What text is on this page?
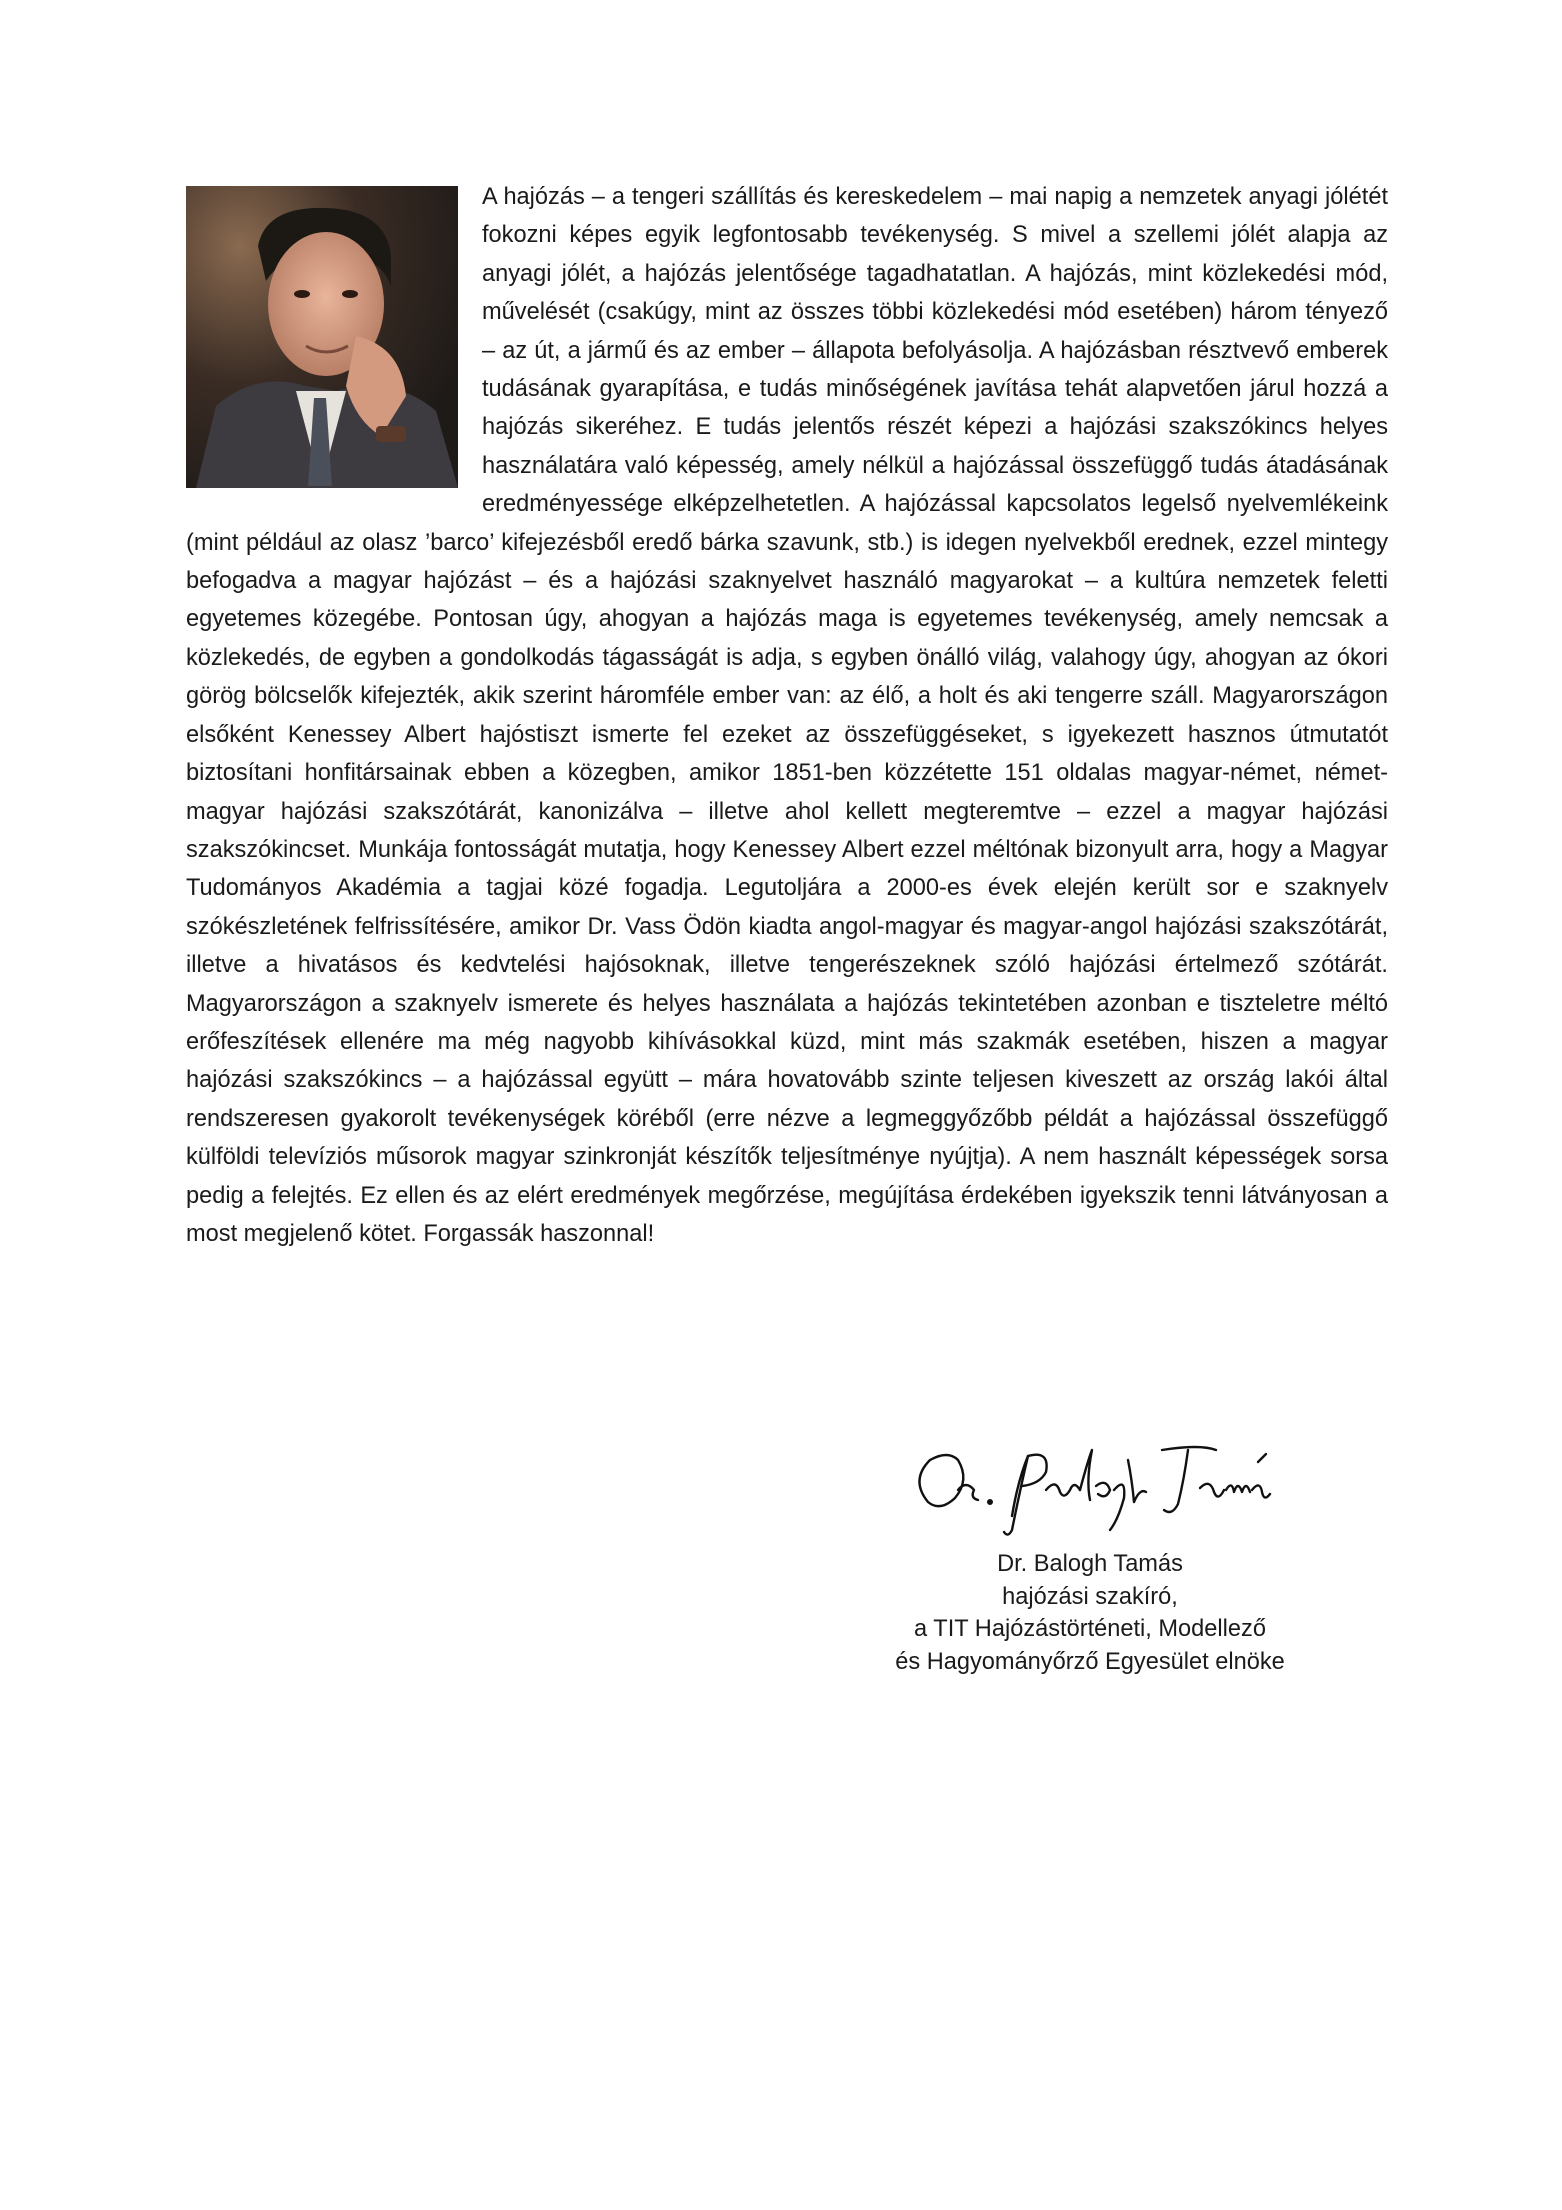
A hajózás – a tengeri szállítás és kereskedelem – mai napig a nemzetek anyagi jólétét fokozni képes egyik legfontosabb tevékenység. S mivel a szellemi jólét alapja az anyagi jólét, a hajózás jelentősége tagadhatatlan. A hajózás, mint közlekedési mód, művelését (csakúgy, mint az összes többi közlekedési mód esetében) három tényező – az út, a jármű és az ember – állapota befolyásolja. A hajózásban résztvevő emberek tudásának gyarapítása, e tudás minőségének javítása tehát alapvetően járul hozzá a hajózás sikeréhez. E tudás jelentős részét képezi a hajózási szakszókincs helyes használatára való képesség, amely nélkül a hajózással összefüggő tudás átadásának eredményessége elképzelhetetlen. A hajózással kapcsolatos legelső nyelvemlékeink (mint például az olasz ’barco’ kifejezésből eredő bárka szavunk, stb.) is idegen nyelvekből erednek, ezzel mintegy befogadva a magyar hajózást – és a hajózási szaknyelvet használó magyarokat – a kultúra nemzetek feletti egyetemes közegébe. Pontosan úgy, ahogyan a hajózás maga is egyetemes tevékenység, amely nemcsak a közlekedés, de egyben a gondolkodás tágasságát is adja, s egyben önálló világ, valahogy úgy, ahogyan az ókori görög bölcselők kifejezték, akik szerint háromféle ember van: az élő, a holt és aki tengerre száll. Magyarországon elsőként Kenessey Albert hajóstiszt ismerte fel ezeket az összefüggéseket, s igyekezett hasznos útmutatót biztosítani honfitársainak ebben a közegben, amikor 1851-ben közzétette 151 oldalas magyar-német, német-magyar hajózási szakszótárát, kanonizálva – illetve ahol kellett megteremtve – ezzel a magyar hajózási szakszókincset. Munkája fontosságát mutatja, hogy Kenessey Albert ezzel méltónak bizonyult arra, hogy a Magyar Tudományos Akadémia a tagjai közé fogadja. Legutoljára a 2000-es évek elején került sor e szaknyelv szókészletének felfrissítésére, amikor Dr. Vass Ödön kiadta angol-magyar és magyar-angol hajózási szakszótárát, illetve a hivatásos és kedvtelési hajósoknak, illetve tengerészeknek szóló hajózási értelmező szótárát. Magyarországon a szaknyelv ismerete és helyes használata a hajózás tekintetében azonban e tiszteletre méltó erőfeszítések ellenére ma még nagyobb kihívásokkal küzd, mint más szakmák esetében, hiszen a magyar hajózási szakszókincs – a hajózással együtt – mára hovatovább szinte teljesen kiveszett az ország lakói által rendszeresen gyakorolt tevékenységek köréből (erre nézve a legmeggyőzőbb példát a hajózással összefüggő külföldi televíziós műsorok magyar szinkronját készítők teljesítménye nyújtja). A nem használt képességek sorsa pedig a felejtés. Ez ellen és az elért eredmények megőrzése, megújítása érdekében igyekszik tenni látványosan a most megjelenő kötet. Forgassák haszonnal!
Dr. Balogh Tamás
hajózási szakíró,
a TIT Hajózástörténeti, Modellező
és Hagyományőrző Egyesület elnöke
